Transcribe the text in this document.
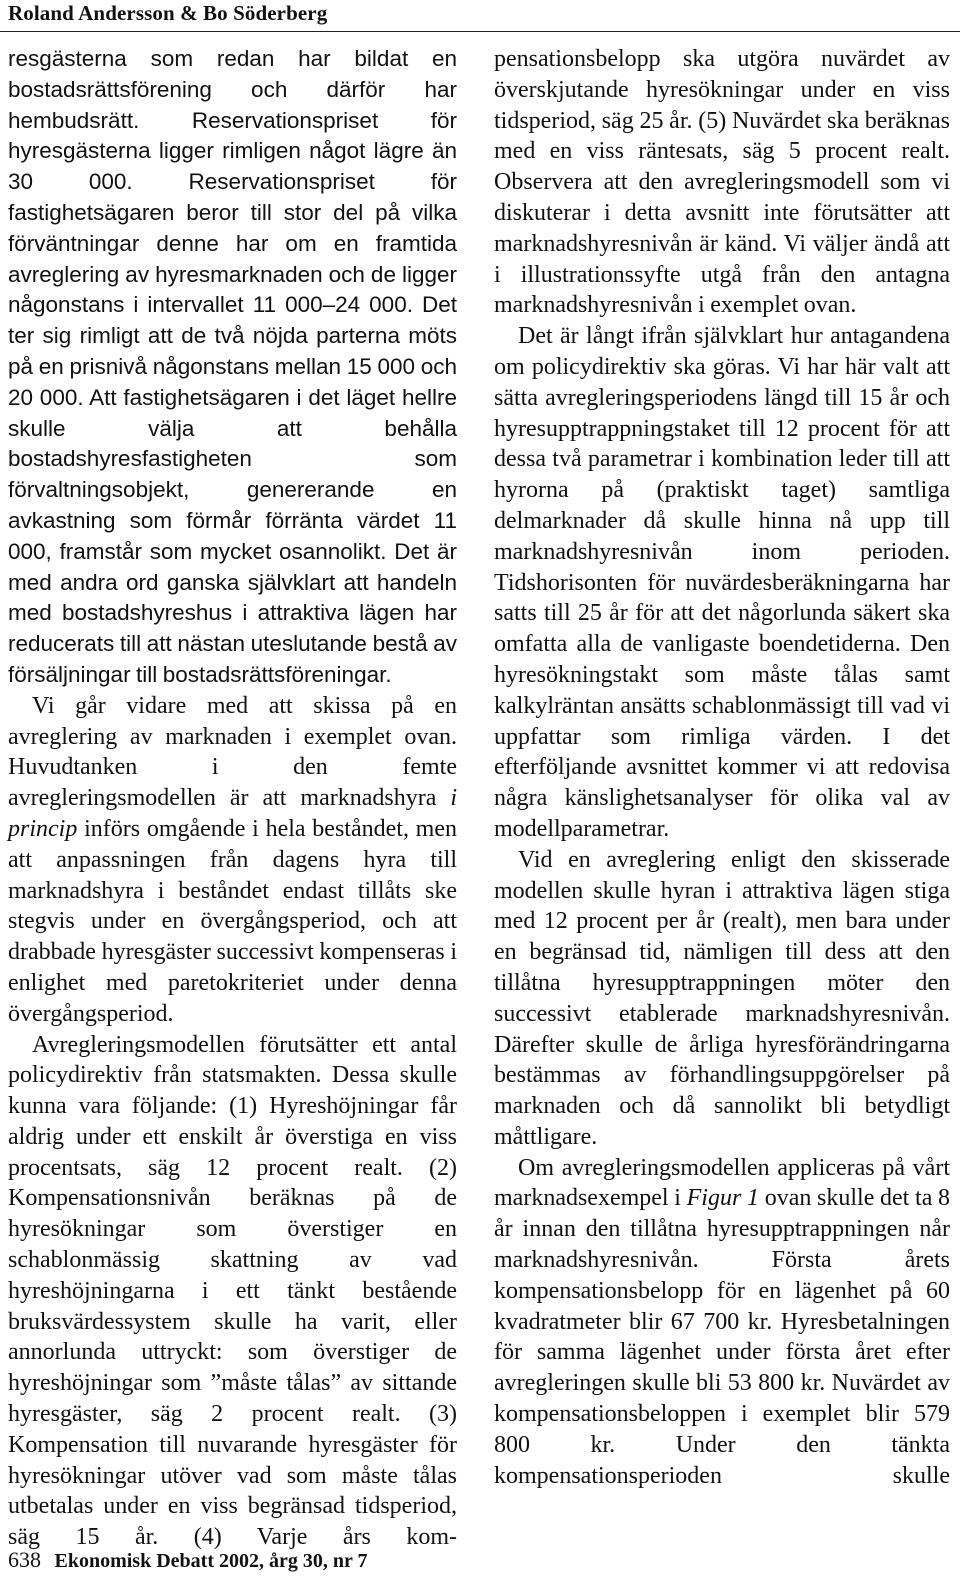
Roland Andersson & Bo Söderberg

resgästerna som redan har bildat en bostadsrättsförening och därför har hembudsrätt. Reservationspriset för hyresgästerna ligger rimligen något lägre än 30 000. Reservationspriset för fastighetsägaren beror till stor del på vilka förväntningar denne har om en framtida avreglering av hyresmarknaden och de ligger någonstans i intervallet 11 000–24 000. Det ter sig rimligt att de två nöjda parterna möts på en prisnivå någonstans mellan 15 000 och 20 000. Att fastighetsägaren i det läget hellre skulle välja att behålla bostadshyresfastigheten som förvaltningsobjekt, genererande en avkastning som förmår förränta värdet 11 000, framstår som mycket osannolikt. Det är med andra ord ganska självklart att handeln med bostadshyreshus i attraktiva lägen har reducerats till att nästan uteslutande bestå av försäljningar till bostadsrättsföreningar.

Vi går vidare med att skissa på en avreglering av marknaden i exemplet ovan. Huvudtanken i den femte avregleringsmodellen är att marknadshyra i princip införs omgående i hela beståndet, men att anpassningen från dagens hyra till marknadshyra i beståndet endast tillåts ske stegvis under en övergångsperiod, och att drabbade hyresgäster successivt kompenseras i enlighet med paretokriteriet under denna övergångsperiod.

Avregleringsmodellen förutsätter ett antal policydirektiv från statsmakten. Dessa skulle kunna vara följande: (1) Hyreshöjningar får aldrig under ett enskilt år överstiga en viss procentsats, säg 12 procent realt. (2) Kompensationsnivån beräknas på de hyresökningar som överstiger en schablonmässig skattning av vad hyreshöjningarna i ett tänkt bestående bruksvärdessystem skulle ha varit, eller annorlunda uttryckt: som överstiger de hyreshöjningar som ”måste tålas” av sittande hyresgäster, säg 2 procent realt. (3) Kompensation till nuvarande hyresgäster för hyresökningar utöver vad som måste tålas utbetalas under en viss begränsad tidsperiod, säg 15 år. (4) Varje års kom-

pensationsbelopp ska utgöra nuvärdet av överskjutande hyresökningar under en viss tidsperiod, säg 25 år. (5) Nuvärdet ska beräknas med en viss räntesats, säg 5 procent realt. Observera att den avregleringsmodell som vi diskuterar i detta avsnitt inte förutsätter att marknadshyresnivån är känd. Vi väljer ändå att i illustrationssyfte utgå från den antagna marknadshyresnivån i exemplet ovan.

Det är långt ifrån självklart hur antagandena om policydirektiv ska göras. Vi har här valt att sätta avregleringsperiodens längd till 15 år och hyresupptrappningstaket till 12 procent för att dessa två parametrar i kombination leder till att hyrorna på (praktiskt taget) samtliga delmarknader då skulle hinna nå upp till marknadshyresnivån inom perioden. Tidshorisonten för nuvärdesberäkningarna har satts till 25 år för att det någorlunda säkert ska omfatta alla de vanligaste boendetiderna. Den hyresökningstakt som måste tålas samt kalkylräntan ansätts schablonmässigt till vad vi uppfattar som rimliga värden. I det efterföljande avsnittet kommer vi att redovisa några känslighetsanalyser för olika val av modellparametrar.

Vid en avreglering enligt den skisserade modellen skulle hyran i attraktiva lägen stiga med 12 procent per år (realt), men bara under en begränsad tid, nämligen till dess att den tillåtna hyresupptrappningen möter den successivt etablerade marknadshyresnivån. Därefter skulle de årliga hyresförändringarna bestämmas av förhandlingsuppgörelser på marknaden och då sannolikt bli betydligt måttligare.

Om avregleringsmodellen appliceras på vårt marknadsexempel i Figur 1 ovan skulle det ta 8 år innan den tillåtna hyresupptrappningen når marknadshyresnivån. Första årets kompensationsbelopp för en lägenhet på 60 kvadratmeter blir 67 700 kr. Hyresbetalningen för samma lägenhet under första året efter avregleringen skulle bli 53 800 kr. Nuvärdet av kompensationsbeloppen i exemplet blir 579 800 kr. Under den tänkta kompensationsperioden skulle

638 Ekonomisk Debatt 2002, årg 30, nr 7
